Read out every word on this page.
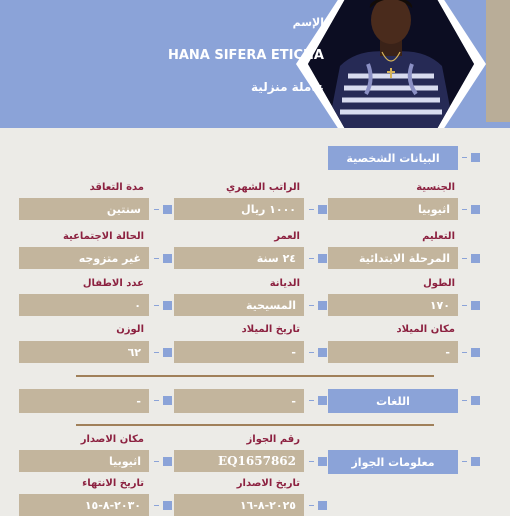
الإسم
HANA SIFERA ETICHA
عاملة منزلية
البيانات الشخصية
الجنسية
اثيوبيا
الراتب الشهري
١٠٠٠ ريال
مدة التعاقد
سنتين
التعليم
المرحلة الابتدائية
العمر
٢٤ سنة
الحالة الاجتماعية
غير متزوجه
الطول
١٧٠
الديانة
المسيحية
عدد الاطفال
٠
مكان الميلاد
-
تاريخ الميلاد
-
الوزن
٦٢
اللغات
-
-
معلومات الجواز
رقم الجواز
EQ1657862
مكان الاصدار
اثيوبيا
تاريخ الاصدار
٢٠٢٥-٨-١٦
تاريخ الانتهاء
٢٠٣٠-٨-١٥
